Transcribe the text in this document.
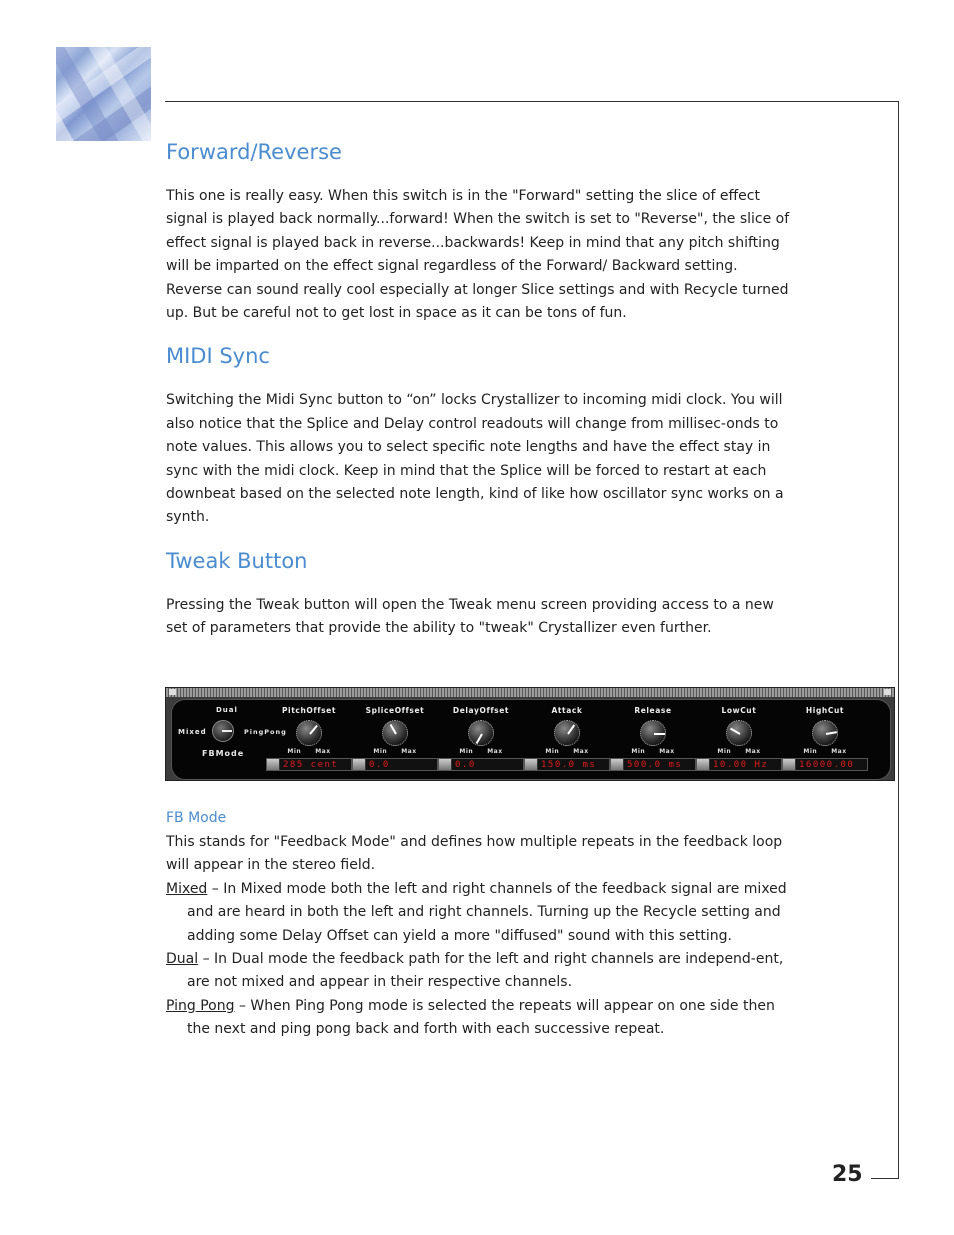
25
Forward/Reverse

This one is really easy. When this switch is in the "Forward" setting the slice of effect signal is played back normally...forward! When the switch is set to "Reverse", the slice of effect signal is played back in reverse...backwards! Keep in mind that any pitch shifting will be imparted on the effect signal regardless of the Forward/ Backward setting. Reverse can sound really cool especially at longer Slice settings and with Recycle turned up. But be careful not to get lost in space as it can be tons of fun.

MIDI Sync

Switching the Midi Sync button to “on” locks Crystallizer to incoming midi clock. You will also notice that the Splice and Delay control readouts will change from millisec-onds to note values. This allows you to select specific note lengths and have the effect stay in sync with the midi clock. Keep in mind that the Splice will be forced to restart at each downbeat based on the selected note length, kind of like how oscillator sync works on a synth.

Tweak Button

Pressing the Tweak button will open the Tweak menu screen providing access to a new set of parameters that provide the ability to "tweak" Crystallizer even further.

Dual
Mixed	PingPong
FBMode
PitchOffset
Min Max
285 cent
SpliceOffset
Min Max
0.0
DelayOffset
Min Max
0.0
Attack
Min Max
150.0 ms
Release
Min Max
500.0 ms
LowCut
Min Max
10.00 Hz
HighCut
Min Max
16000.00
FB Mode

This stands for "Feedback Mode" and defines how multiple repeats in the feedback loop will appear in the stereo field.

Mixed – In Mixed mode both the left and right channels of the feedback signal are mixed and are heard in both the left and right channels. Turning up the Recycle setting and adding some Delay Offset can yield a more "diffused" sound with this setting.

Dual – In Dual mode the feedback path for the left and right channels are independ-ent, are not mixed and appear in their respective channels.

Ping Pong – When Ping Pong mode is selected the repeats will appear on one side then the next and ping pong back and forth with each successive repeat.
